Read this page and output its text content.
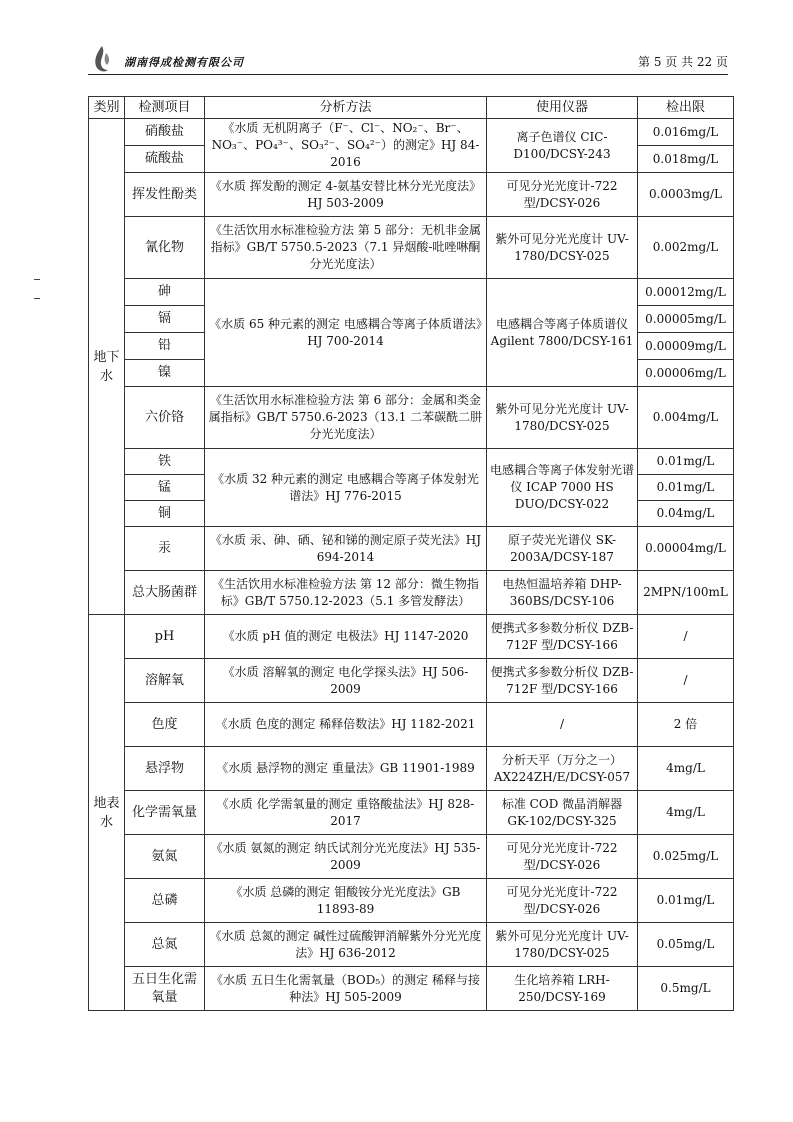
湖南得成检测有限公司	第 5 页 共 22 页
类别	检测项目	分析方法	使用仪器	检出限
地下水	硝酸盐	《水质 无机阴离子（F⁻、Cl⁻、NO₂⁻、Br⁻、NO₃⁻、PO₄³⁻、SO₃²⁻、SO₄²⁻）的测定》HJ 84-2016	离子色谱仪 CIC-D100/DCSY-243	0.016mg/L
	硫酸盐			0.018mg/L
	挥发性酚类	《水质 挥发酚的测定 4-氨基安替比林分光光度法》HJ 503-2009	可见分光光度计-722 型/DCSY-026	0.0003mg/L
	氰化物	《生活饮用水标准检验方法 第 5 部分：无机非金属指标》GB/T 5750.5-2023（7.1 异烟酸-吡唑啉酮分光光度法）	紫外可见分光光度计 UV-1780/DCSY-025	0.002mg/L
	砷	《水质 65 种元素的测定 电感耦合等离子体质谱法》HJ 700-2014	电感耦合等离子体质谱仪 Agilent 7800/DCSY-161	0.00012mg/L
	镉			0.00005mg/L
	铅			0.00009mg/L
	镍			0.00006mg/L
	六价铬	《生活饮用水标准检验方法 第 6 部分：金属和类金属指标》GB/T 5750.6-2023（13.1 二苯碳酰二肼分光光度法）	紫外可见分光光度计 UV-1780/DCSY-025	0.004mg/L
	铁	《水质 32 种元素的测定 电感耦合等离子体发射光谱法》HJ 776-2015	电感耦合等离子体发射光谱仪 ICAP 7000 HS DUO/DCSY-022	0.01mg/L
	锰			0.01mg/L
	铜			0.04mg/L
	汞	《水质 汞、砷、硒、铋和锑的测定原子荧光法》HJ 694-2014	原子荧光光谱仪 SK-2003A/DCSY-187	0.00004mg/L
	总大肠菌群	《生活饮用水标准检验方法 第 12 部分：微生物指标》GB/T 5750.12-2023（5.1 多管发酵法）	电热恒温培养箱 DHP-360BS/DCSY-106	2MPN/100mL
地表水	pH	《水质 pH 值的测定 电极法》HJ 1147-2020	便携式多参数分析仪 DZB-712F 型/DCSY-166	/
	溶解氧	《水质 溶解氧的测定 电化学探头法》HJ 506-2009	便携式多参数分析仪 DZB-712F 型/DCSY-166	/
	色度	《水质 色度的测定 稀释倍数法》HJ 1182-2021	/	2 倍
	悬浮物	《水质 悬浮物的测定 重量法》GB 11901-1989	分析天平（万分之一）AX224ZH/E/DCSY-057	4mg/L
	化学需氧量	《水质 化学需氧量的测定 重铬酸盐法》HJ 828-2017	标准 COD 微晶消解器 GK-102/DCSY-325	4mg/L
	氨氮	《水质 氨氮的测定 纳氏试剂分光光度法》HJ 535-2009	可见分光光度计-722 型/DCSY-026	0.025mg/L
	总磷	《水质 总磷的测定 钼酸铵分光光度法》GB 11893-89	可见分光光度计-722 型/DCSY-026	0.01mg/L
	总氮	《水质 总氮的测定 碱性过硫酸钾消解紫外分光光度法》HJ 636-2012	紫外可见分光光度计 UV-1780/DCSY-025	0.05mg/L
	五日生化需氧量	《水质 五日生化需氧量（BOD₅）的测定 稀释与接种法》HJ 505-2009	生化培养箱 LRH-250/DCSY-169	0.5mg/L
